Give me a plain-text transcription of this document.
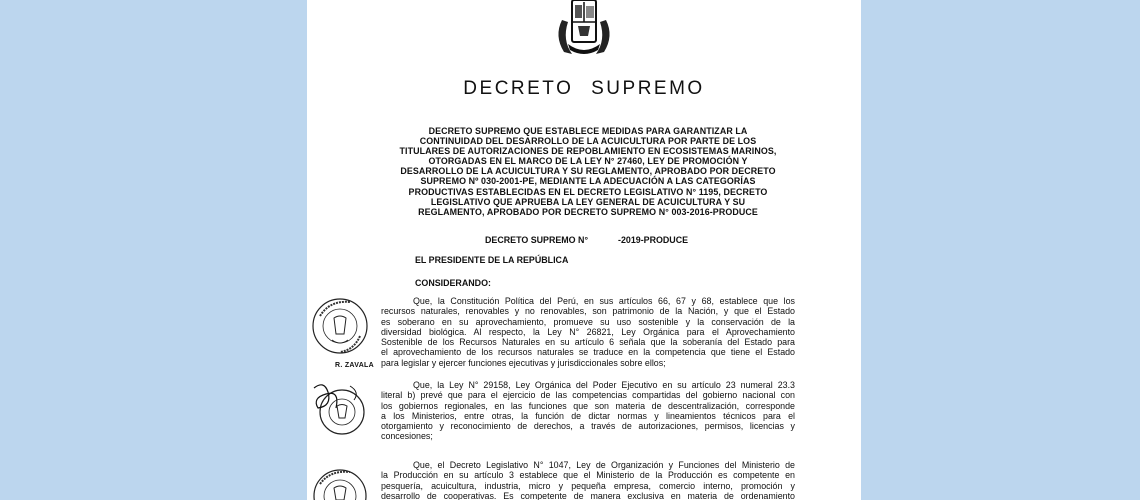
DECRETO SUPREMO
DECRETO SUPREMO QUE ESTABLECE MEDIDAS PARA GARANTIZAR LA
CONTINUIDAD DEL DESARROLLO DE LA ACUICULTURA POR PARTE DE LOS
TITULARES DE AUTORIZACIONES DE REPOBLAMIENTO EN ECOSISTEMAS MARINOS,
OTORGADAS EN EL MARCO DE LA LEY N° 27460, LEY DE PROMOCIÓN Y
DESARROLLO DE LA ACUICULTURA Y SU REGLAMENTO, APROBADO POR DECRETO
SUPREMO Nº 030-2001-PE, MEDIANTE LA ADECUACIÓN A LAS CATEGORÍAS
PRODUCTIVAS ESTABLECIDAS EN EL DECRETO LEGISLATIVO N° 1195, DECRETO
LEGISLATIVO QUE APRUEBA LA LEY GENERAL DE ACUICULTURA Y SU
REGLAMENTO, APROBADO POR DECRETO SUPREMO N° 003-2016-PRODUCE
DECRETO SUPREMO N°	-2019-PRODUCE
EL PRESIDENTE DE LA REPÚBLICA
CONSIDERANDO:
Que, la Constitución Política del Perú, en sus artículos 66, 67 y 68, establece que los
recursos naturales, renovables y no renovables, son patrimonio de la Nación, y que el Estado
es soberano en su aprovechamiento, promueve su uso sostenible y la conservación de la
diversidad biológica. Al respecto, la Ley N° 26821, Ley Orgánica para el Aprovechamiento
Sostenible de los Recursos Naturales en su artículo 6 señala que la soberanía del Estado para
el aprovechamiento de los recursos naturales se traduce en la competencia que tiene el Estado
para legislar y ejercer funciones ejecutivas y jurisdiccionales sobre ellos;
Que, la Ley N° 29158, Ley Orgánica del Poder Ejecutivo en su artículo 23 numeral 23.3
literal b) prevé que para el ejercicio de las competencias compartidas del gobierno nacional con
los gobiernos regionales, en las funciones que son materia de descentralización, corresponde
a los Ministerios, entre otras, la función de dictar normas y lineamientos técnicos para el
otorgamiento y reconocimiento de derechos, a través de autorizaciones, permisos, licencias y
concesiones;
Que, el Decreto Legislativo N° 1047, Ley de Organización y Funciones del Ministerio de
la Producción en su artículo 3 establece que el Ministerio de la Producción es competente en
pesquería, acuicultura, industria, micro y pequeña empresa, comercio interno, promoción y
desarrollo de cooperativas. Es competente de manera exclusiva en materia de ordenamiento
R. ZAVALA
